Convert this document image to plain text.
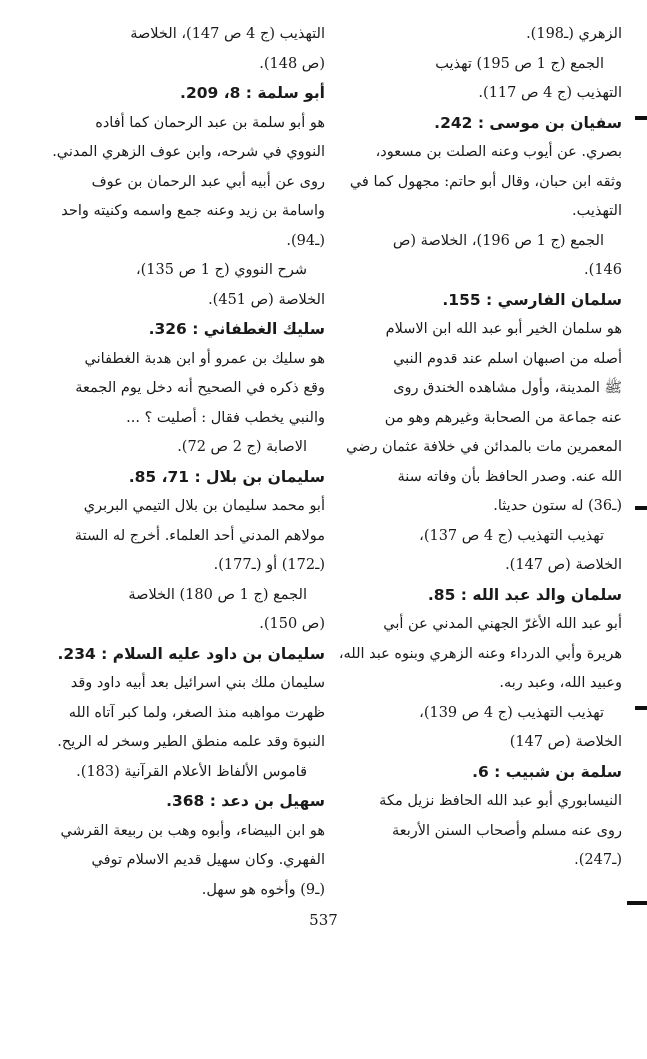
الزهري (ـ198).
الجمع (ج 1 ص 195) تهذيب
التهذيب (ج 4 ص 117).
سفيان بن موسى : 242.
بصري. عن أيوب وعنه الصلت بن مسعود،
وثقه ابن حبان، وقال أبو حاتم: مجهول كما في
التهذيب.
الجمع (ج 1 ص 196)، الخلاصة (ص
146).
سلمان الفارسي : 155.
هو سلمان الخير أبو عبد الله ابن الاسلام
أصله من اصبهان اسلم عند قدوم النبي
ﷺ المدينة، وأول مشاهده الخندق روى
عنه جماعة من الصحابة وغيرهم وهو من
المعمرين مات بالمدائن في خلافة عثمان رضي
الله عنه. وصدر الحافظ بأن وفاته سنة
(ـ36) له ستون حديثا.
تهذيب التهذيب (ج 4 ص 137)،
الخلاصة (ص 147).
سلمان والد عبد الله : 85.
أبو عبد الله الأغرّ الجهني المدني عن أبي
هريرة وأبي الدرداء وعنه الزهري وبنوه عبد الله،
وعبيد الله، وعبد ربه.
تهذيب التهذيب (ج 4 ص 139)،
الخلاصة (ص 147)
سلمة بن شبيب : 6.
النيسابوري أبو عبد الله الحافظ نزيل مكة
روى عنه مسلم وأصحاب السنن الأربعة
(ـ247).
التهذيب (ج 4 ص 147)، الخلاصة
(ص 148).
أبو سلمة : 8، 209.
هو أبو سلمة بن عبد الرحمان كما أفاده
النووي في شرحه، وابن عوف الزهري المدني.
روى عن أبيه أبي عبد الرحمان بن عوف
واسامة بن زيد وعنه جمع واسمه وكنيته واحد
(ـ94).
شرح النووي (ج 1 ص 135)،
الخلاصة (ص 451).
سليك الغطفاني : 326.
هو سليك بن عمرو أو ابن هدبة الغطفاني
وقع ذكره في الصحيح أنه دخل يوم الجمعة
والنبي يخطب فقال : أصليت ؟ ...
الاصابة (ج 2 ص 72).
سليمان بن بلال : 71، 85.
أبو محمد سليمان بن بلال التيمي البربري
مولاهم المدني أحد العلماء. أخرج له الستة
(ـ172) أو (ـ177).
الجمع (ج 1 ص 180) الخلاصة
(ص 150).
سليمان بن داود عليه السلام : 234.
سليمان ملك بني اسرائيل بعد أبيه داود وقد
ظهرت مواهبه منذ الصغر، ولما كبر آتاه الله
النبوة وقد علمه منطق الطير وسخر له الريح.
قاموس الألفاظ الأعلام القرآنية (183).
سهيل بن دعد : 368.
هو ابن البيضاء، وأبوه وهب بن ربيعة القرشي
الفهري. وكان سهيل قديم الاسلام توفي
(ـ9) وأخوه هو سهل.
537
